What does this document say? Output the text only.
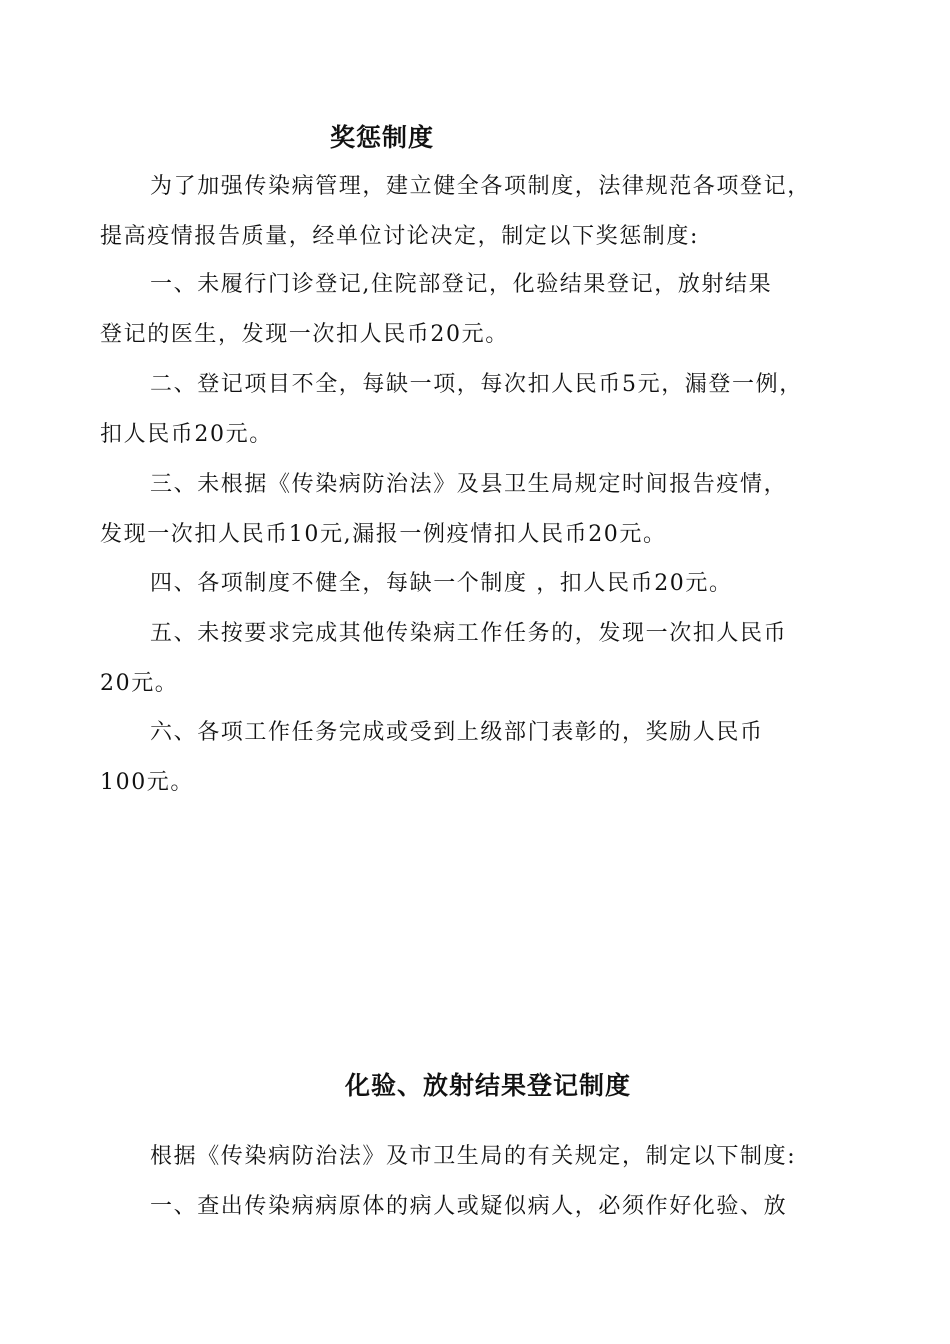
奖惩制度

为了加强传染病管理，建立健全各项制度，法律规范各项登记，

提高疫情报告质量，经单位讨论决定，制定以下奖惩制度:

一、未履行门诊登记,住院部登记，化验结果登记，放射结果

登记的医生，发现一次扣人民币20元。

二、登记项目不全，每缺一项，每次扣人民币5元，漏登一例，

扣人民币20元。

三、未根据《传染病防治法》及县卫生局规定时间报告疫情，

发现一次扣人民币10元,漏报一例疫情扣人民币20元。

四、各项制度不健全，每缺一个制度 ，扣人民币20元。

五、未按要求完成其他传染病工作任务的，发现一次扣人民币

20元。

六、各项工作任务完成或受到上级部门表彰的，奖励人民币

100元。

化验、放射结果登记制度

根据《传染病防治法》及市卫生局的有关规定，制定以下制度:

一、查出传染病病原体的病人或疑似病人，必须作好化验、放
